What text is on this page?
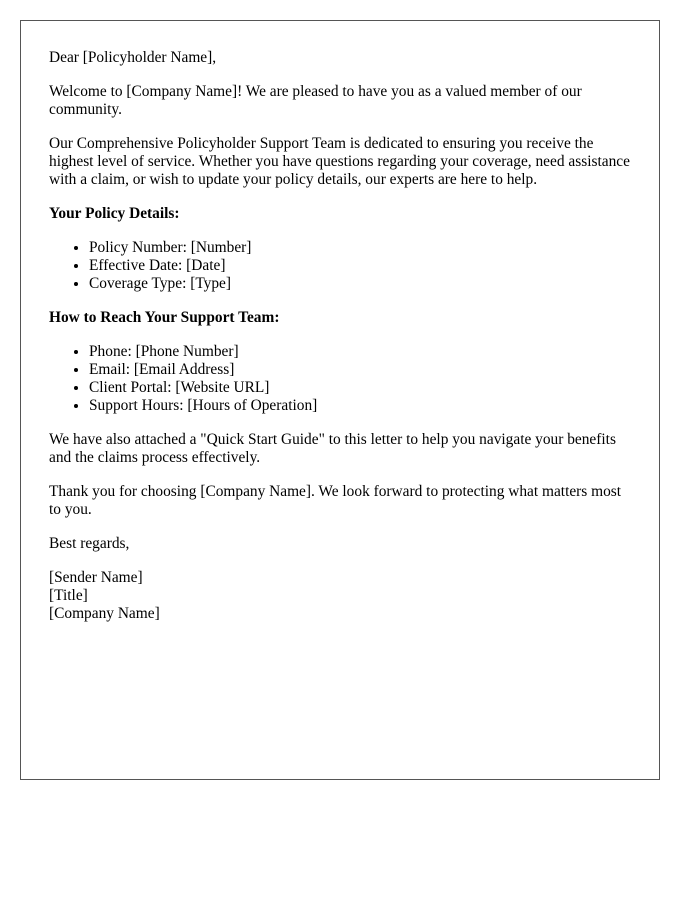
Dear [Policyholder Name],

Welcome to [Company Name]! We are pleased to have you as a valued member of our community.

Our Comprehensive Policyholder Support Team is dedicated to ensuring you receive the highest level of service. Whether you have questions regarding your coverage, need assistance with a claim, or wish to update your policy details, our experts are here to help.

Your Policy Details:
• Policy Number: [Number]
• Effective Date: [Date]
• Coverage Type: [Type]
How to Reach Your Support Team:
• Phone: [Phone Number]
• Email: [Email Address]
• Client Portal: [Website URL]
• Support Hours: [Hours of Operation]

We have also attached a "Quick Start Guide" to this letter to help you navigate your benefits and the claims process effectively.

Thank you for choosing [Company Name]. We look forward to protecting what matters most to you.

Best regards,

[Sender Name]
[Title]
[Company Name]
